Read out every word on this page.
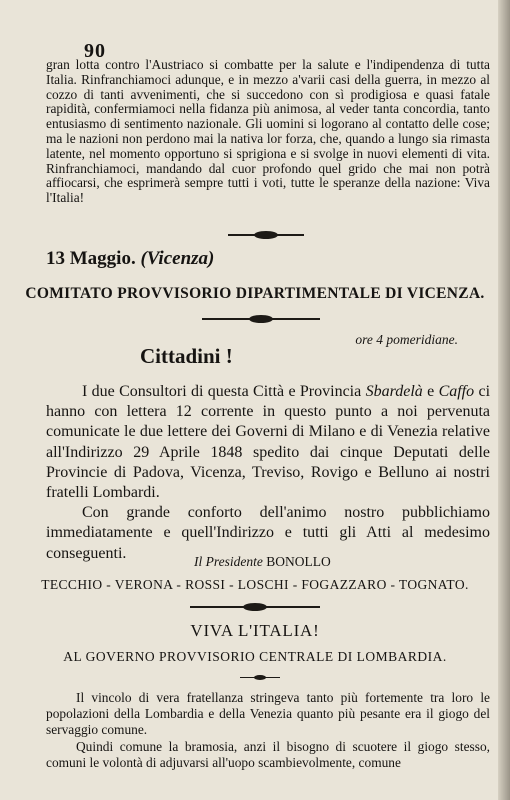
90

gran lotta contro l'Austriaco si combatte per la salute e l'indipendenza di tutta Italia. Rinfranchiamoci adunque, e in mezzo a'varii casi della guerra, in mezzo al cozzo di tanti avvenimenti, che si succedono con sì prodigiosa e quasi fatale rapidità, confermiamoci nella fidanza più animosa, al veder tanta concordia, tanto entusiasmo di sentimento nazionale. Gli uomini si logorano al contatto delle cose; ma le nazioni non perdono mai la nativa lor forza, che, quando a lungo sia rimasta latente, nel momento opportuno si sprigiona e si svolge in nuovi elementi di vita. Rinfranchiamoci, mandando dal cuor profondo quel grido che mai non potrà affiocarsi, che esprimerà sempre tutti i voti, tutte le speranze della nazione: Viva l'Italia!

13 Maggio. (Vicenza)
COMITATO PROVVISORIO DIPARTIMENTALE DI VICENZA.
ore 4 pomeridiane.
Cittadini !

I due Consultori di questa Città e Provincia Sbardelà e Caffo ci hanno con lettera 12 corrente in questo punto a noi pervenuta comunicate le due lettere dei Governi di Milano e di Venezia relative all'Indirizzo 29 Aprile 1848 spedito dai cinque Deputati delle Provincie di Padova, Vicenza, Treviso, Rovigo e Belluno ai nostri fratelli Lombardi.

Con grande conforto dell'animo nostro pubblichiamo immediatamente e quell'Indirizzo e tutti gli Atti al medesimo conseguenti.	Il Presidente BONOLLO
TECCHIO - VERONA - ROSSI - LOSCHI - FOGAZZARO - TOGNATO.
VIVA L'ITALIA!
AL GOVERNO PROVVISORIO CENTRALE DI LOMBARDIA.

Il vincolo di vera fratellanza stringeva tanto più fortemente tra loro le popolazioni della Lombardia e della Venezia quanto più pesante era il giogo del servaggio comune.

Quindi comune la bramosia, anzi il bisogno di scuotere il giogo stesso, comuni le volontà di adjuvarsi all'uopo scambievolmente, comune
